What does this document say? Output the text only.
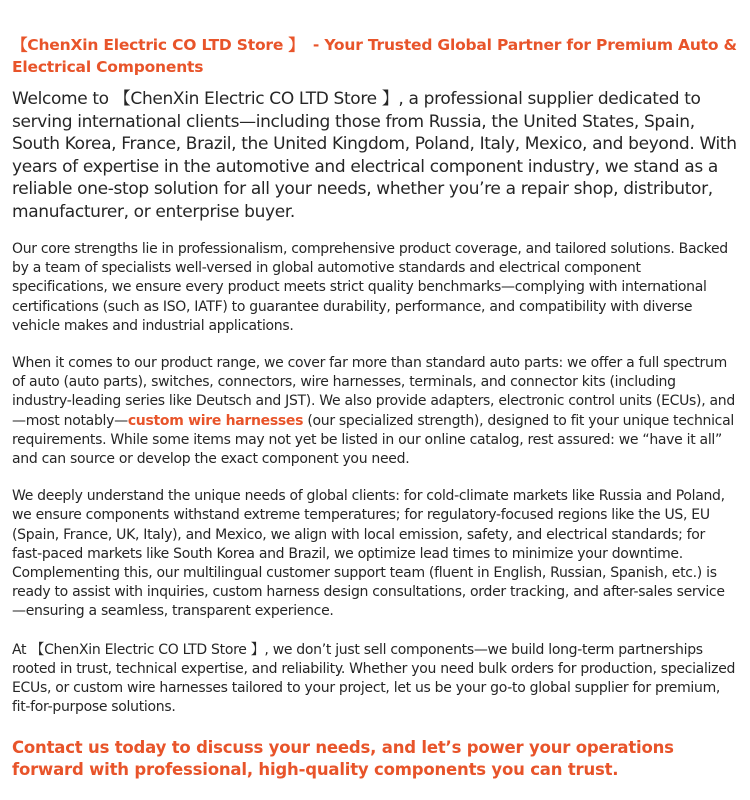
【ChenXin Electric CO LTD Store 】 - Your Trusted Global Partner for Premium Auto & Electrical Components

Welcome to 【ChenXin Electric CO LTD Store 】, a professional supplier dedicated to serving international clients—including those from Russia, the United States, Spain, South Korea, France, Brazil, the United Kingdom, Poland, Italy, Mexico, and beyond. With years of expertise in the automotive and electrical component industry, we stand as a reliable one-stop solution for all your needs, whether you’re a repair shop, distributor, manufacturer, or enterprise buyer.

Our core strengths lie in professionalism, comprehensive product coverage, and tailored solutions. Backed by a team of specialists well-versed in global automotive standards and electrical component specifications, we ensure every product meets strict quality benchmarks—complying with international certifications (such as ISO, IATF) to guarantee durability, performance, and compatibility with diverse vehicle makes and industrial applications.

When it comes to our product range, we cover far more than standard auto parts: we offer a full spectrum of auto (auto parts), switches, connectors, wire harnesses, terminals, and connector kits (including industry-leading series like Deutsch and JST). We also provide adapters, electronic control units (ECUs), and—most notably—custom wire harnesses (our specialized strength), designed to fit your unique technical requirements. While some items may not yet be listed in our online catalog, rest assured: we “have it all” and can source or develop the exact component you need.

We deeply understand the unique needs of global clients: for cold-climate markets like Russia and Poland, we ensure components withstand extreme temperatures; for regulatory-focused regions like the US, EU (Spain, France, UK, Italy), and Mexico, we align with local emission, safety, and electrical standards; for fast-paced markets like South Korea and Brazil, we optimize lead times to minimize your downtime. Complementing this, our multilingual customer support team (fluent in English, Russian, Spanish, etc.) is ready to assist with inquiries, custom harness design consultations, order tracking, and after-sales service—ensuring a seamless, transparent experience.

At 【ChenXin Electric CO LTD Store 】, we don’t just sell components—we build long-term partnerships rooted in trust, technical expertise, and reliability. Whether you need bulk orders for production, specialized ECUs, or custom wire harnesses tailored to your project, let us be your go-to global supplier for premium, fit-for-purpose solutions.

Contact us today to discuss your needs, and let’s power your operations forward with professional, high-quality components you can trust.
